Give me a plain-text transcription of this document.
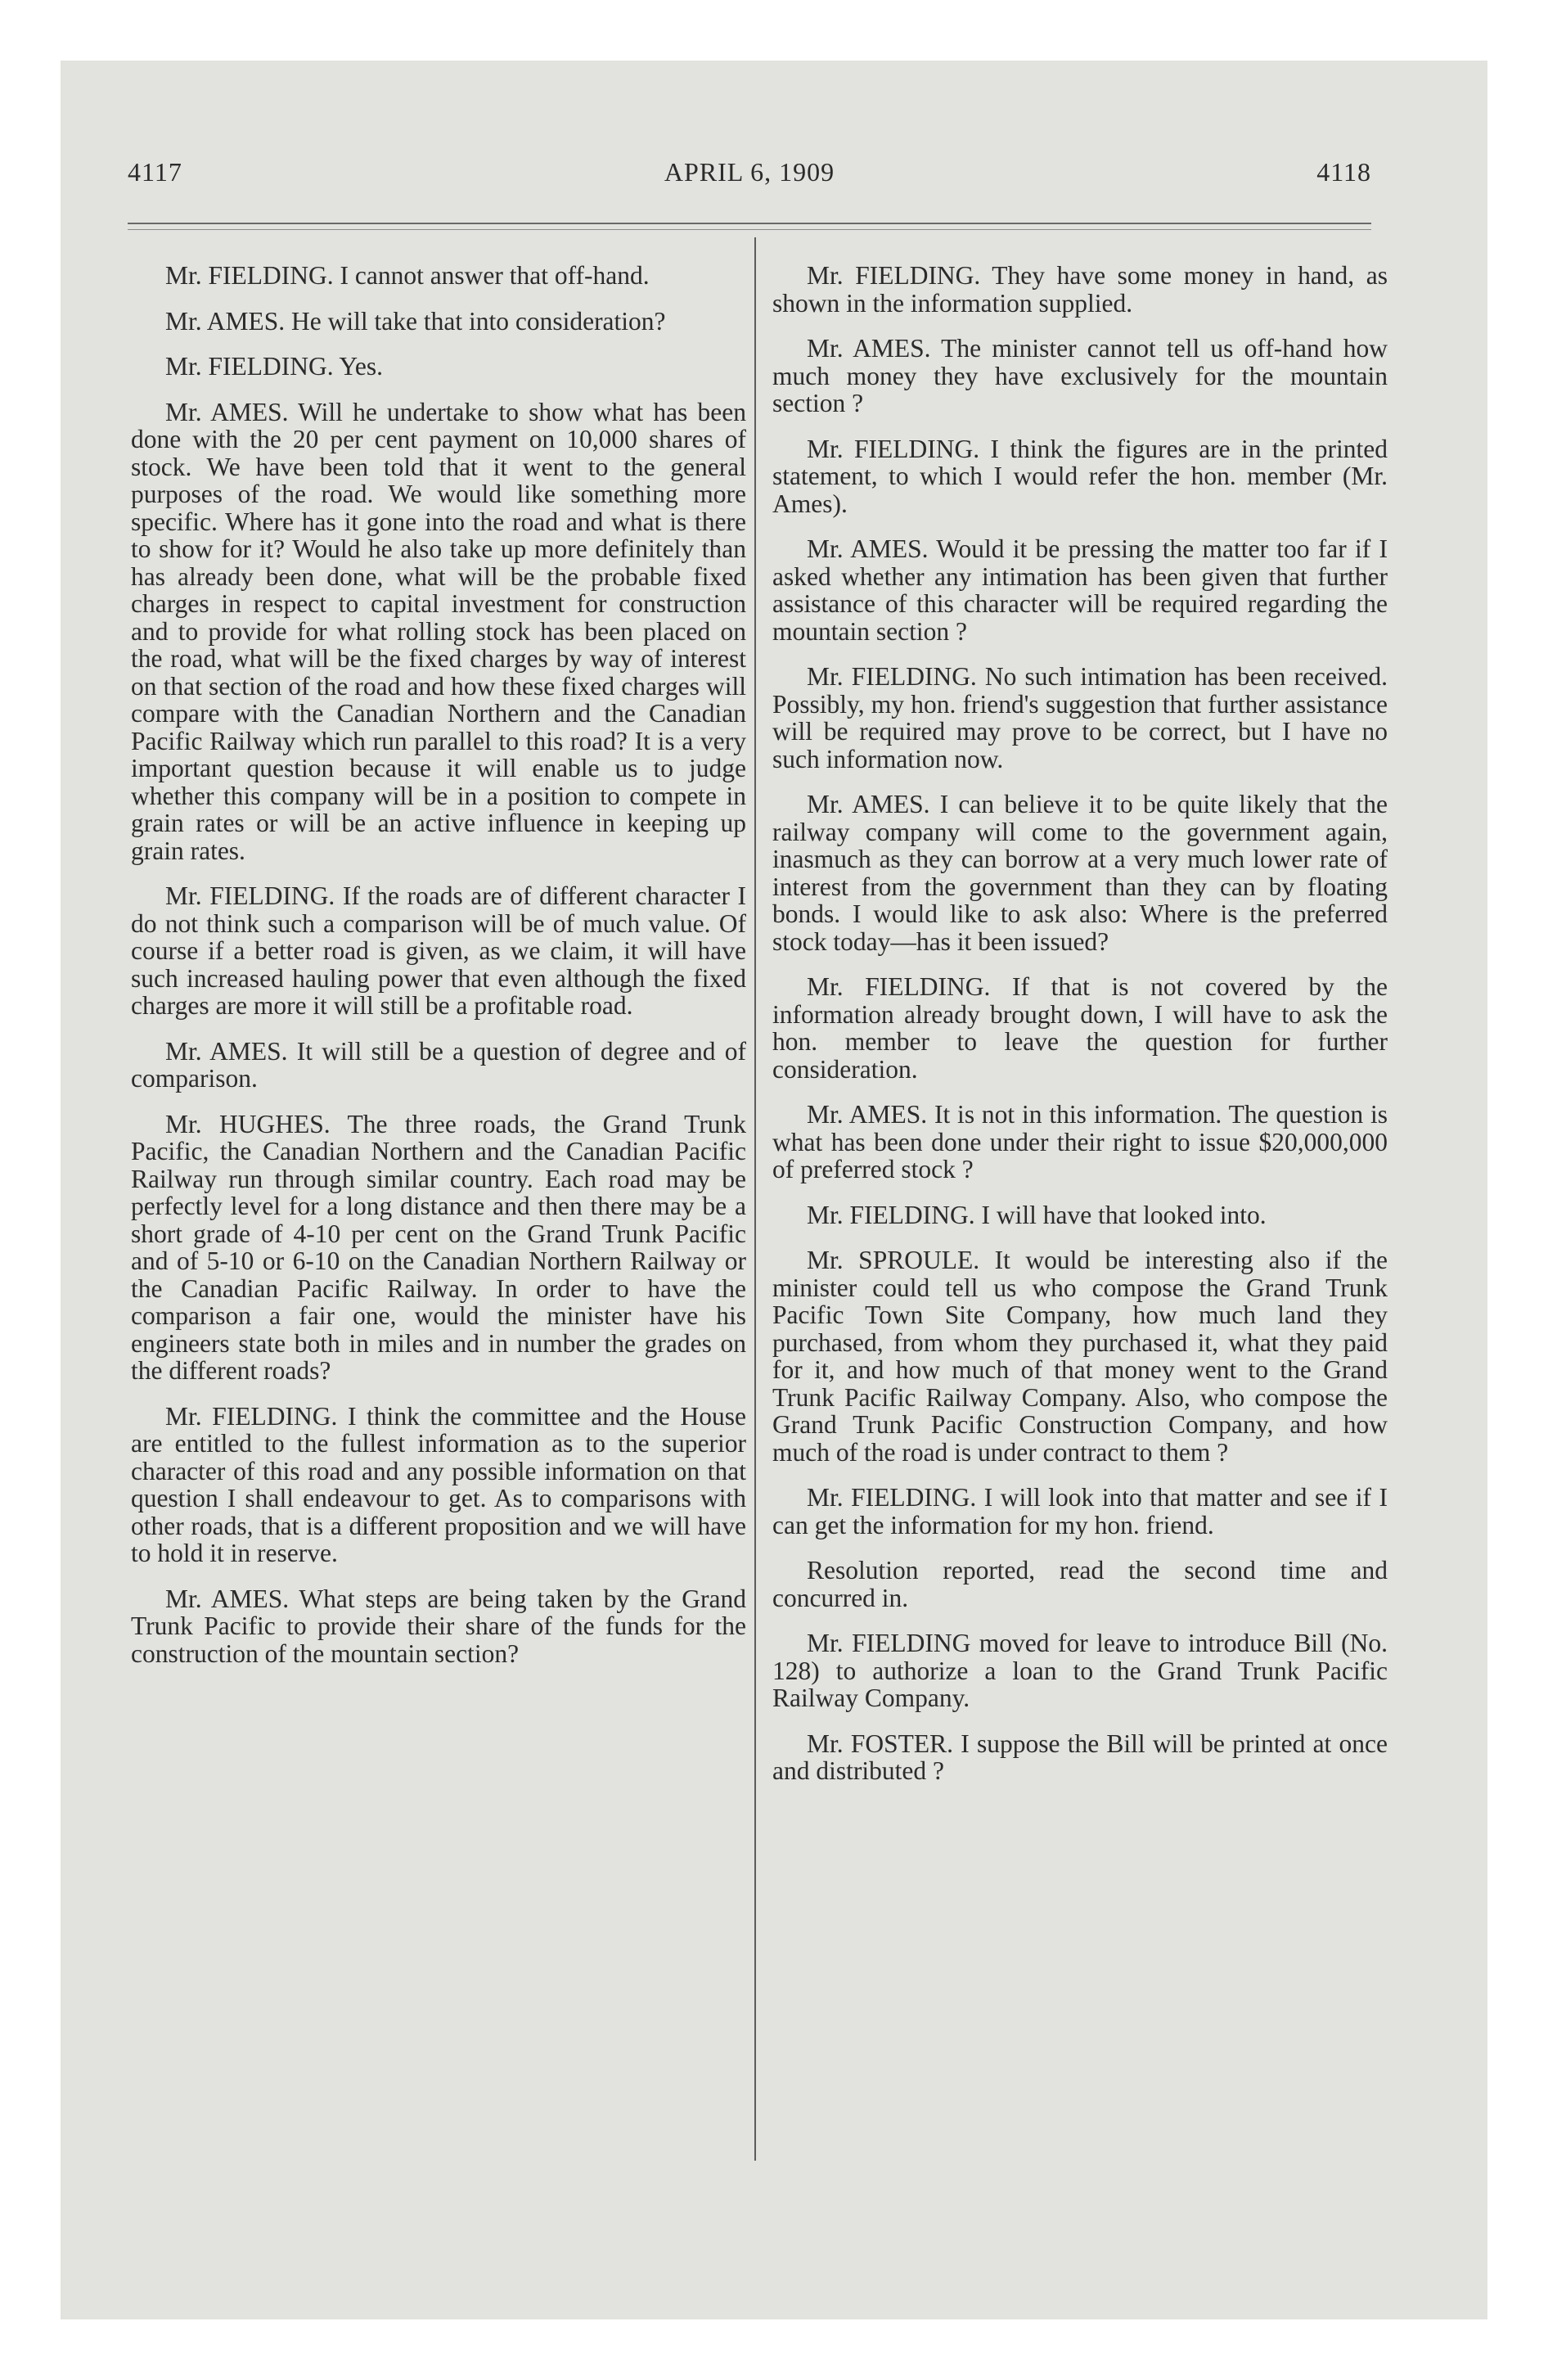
4117	APRIL 6, 1909	4118

Mr. FIELDING. I cannot answer that off-hand.

Mr. AMES. He will take that into consideration?

Mr. FIELDING. Yes.

Mr. AMES. Will he undertake to show what has been done with the 20 per cent payment on 10,000 shares of stock. We have been told that it went to the general purposes of the road. We would like something more specific. Where has it gone into the road and what is there to show for it? Would he also take up more definitely than has already been done, what will be the probable fixed charges in respect to capital investment for construction and to provide for what rolling stock has been placed on the road, what will be the fixed charges by way of interest on that section of the road and how these fixed charges will compare with the Canadian Northern and the Canadian Pacific Railway which run parallel to this road? It is a very important question because it will enable us to judge whether this company will be in a position to compete in grain rates or will be an active influence in keeping up grain rates.

Mr. FIELDING. If the roads are of different character I do not think such a comparison will be of much value. Of course if a better road is given, as we claim, it will have such increased hauling power that even although the fixed charges are more it will still be a profitable road.

Mr. AMES. It will still be a question of degree and of comparison.

Mr. HUGHES. The three roads, the Grand Trunk Pacific, the Canadian Northern and the Canadian Pacific Railway run through similar country. Each road may be perfectly level for a long distance and then there may be a short grade of 4-10 per cent on the Grand Trunk Pacific and of 5-10 or 6-10 on the Canadian Northern Railway or the Canadian Pacific Railway. In order to have the comparison a fair one, would the minister have his engineers state both in miles and in number the grades on the different roads?

Mr. FIELDING. I think the committee and the House are entitled to the fullest information as to the superior character of this road and any possible information on that question I shall endeavour to get. As to comparisons with other roads, that is a different proposition and we will have to hold it in reserve.

Mr. AMES. What steps are being taken by the Grand Trunk Pacific to provide their share of the funds for the construction of the mountain section?

Mr. FIELDING. They have some money in hand, as shown in the information supplied.

Mr. AMES. The minister cannot tell us off-hand how much money they have exclusively for the mountain section ?

Mr. FIELDING. I think the figures are in the printed statement, to which I would refer the hon. member (Mr. Ames).

Mr. AMES. Would it be pressing the matter too far if I asked whether any intimation has been given that further assistance of this character will be required regarding the mountain section ?

Mr. FIELDING. No such intimation has been received. Possibly, my hon. friend's suggestion that further assistance will be required may prove to be correct, but I have no such information now.

Mr. AMES. I can believe it to be quite likely that the railway company will come to the government again, inasmuch as they can borrow at a very much lower rate of interest from the government than they can by floating bonds. I would like to ask also: Where is the preferred stock today—has it been issued?

Mr. FIELDING. If that is not covered by the information already brought down, I will have to ask the hon. member to leave the question for further consideration.

Mr. AMES. It is not in this information. The question is what has been done under their right to issue $20,000,000 of preferred stock ?

Mr. FIELDING. I will have that looked into.

Mr. SPROULE. It would be interesting also if the minister could tell us who compose the Grand Trunk Pacific Town Site Company, how much land they purchased, from whom they purchased it, what they paid for it, and how much of that money went to the Grand Trunk Pacific Railway Company. Also, who compose the Grand Trunk Pacific Construction Company, and how much of the road is under contract to them ?

Mr. FIELDING. I will look into that matter and see if I can get the information for my hon. friend.

Resolution reported, read the second time and concurred in.

Mr. FIELDING moved for leave to introduce Bill (No. 128) to authorize a loan to the Grand Trunk Pacific Railway Company.

Mr. FOSTER. I suppose the Bill will be printed at once and distributed ?
